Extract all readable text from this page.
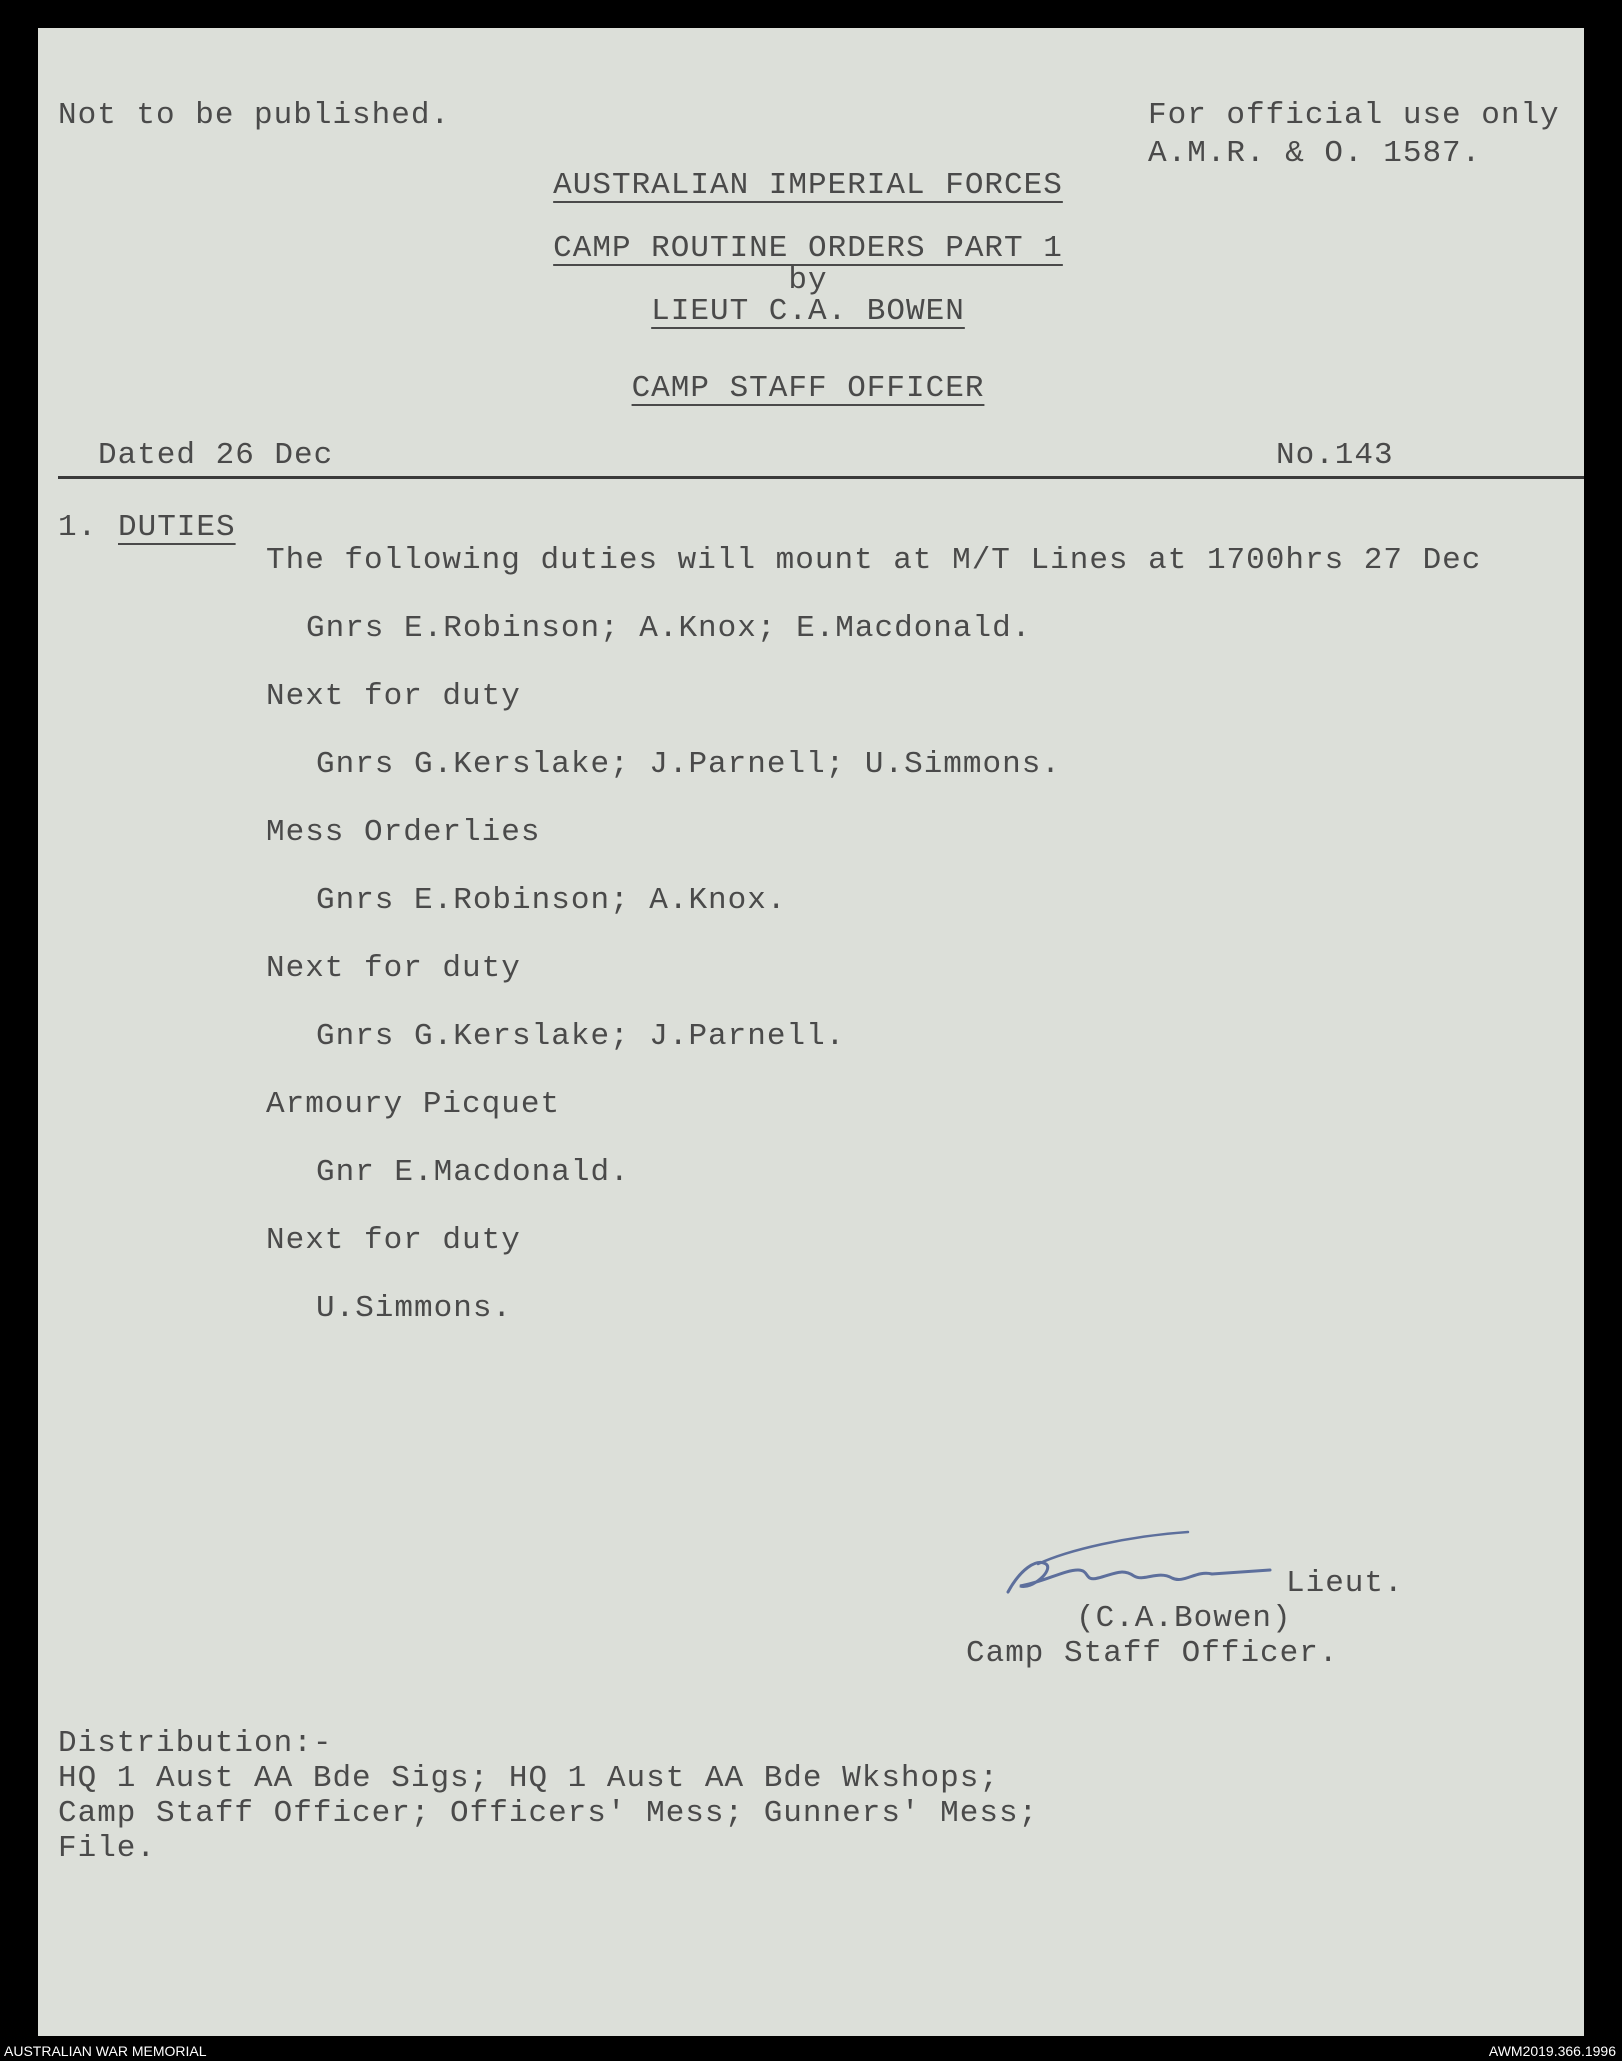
Not to be published.	For official use only
A.M.R. & O. 1587.
AUSTRALIAN IMPERIAL FORCES
CAMP ROUTINE ORDERS PART 1
by
LIEUT C.A. BOWEN
CAMP STAFF OFFICER
Dated 26 Dec	No.143
1. DUTIES
The following duties will mount at M/T Lines at 1700hrs 27 Dec
Gnrs E.Robinson; A.Knox; E.Macdonald.
Next for duty
Gnrs G.Kerslake; J.Parnell; U.Simmons.
Mess Orderlies
Gnrs E.Robinson; A.Knox.
Next for duty
Gnrs G.Kerslake; J.Parnell.
Armoury Picquet
Gnr E.Macdonald.
Next for duty
U.Simmons.
Lieut.
(C.A.Bowen)
Camp Staff Officer.
Distribution:-
HQ 1 Aust AA Bde Sigs; HQ 1 Aust AA Bde Wkshops;
Camp Staff Officer; Officers' Mess; Gunners' Mess;
File.
AUSTRALIAN WAR MEMORIAL	AWM2019.366.1996
